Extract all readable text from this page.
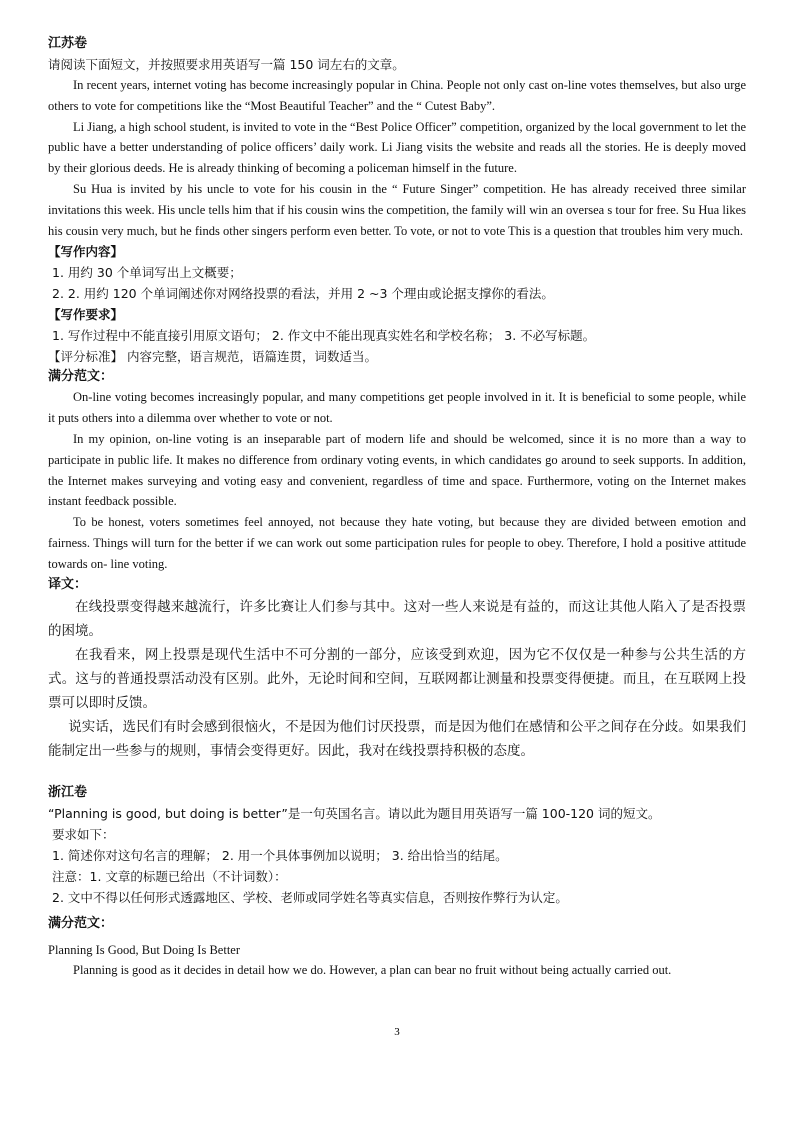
江苏卷

请阅读下面短文，并按照要求用英语写一篇 150 词左右的文章。

In recent years, internet voting has become increasingly popular in China. People not only cast on-line votes themselves, but also urge others to vote for competitions like the “Most Beautiful Teacher” and the “ Cutest Baby”.

Li Jiang, a high school student, is invited to vote in the “Best Police Officer” competition, organized by the local government to let the public have a better understanding of police officers’ daily work. Li Jiang visits the website and reads all the stories. He is deeply moved by their glorious deeds. He is already thinking of becoming a policeman himself in the future.

Su Hua is invited by his uncle to vote for his cousin in the “ Future Singer” competition. He has already received three similar invitations this week. His uncle tells him that if his cousin wins the competition, the family will win an oversea s tour for free. Su Hua likes his cousin very much, but he finds other singers perform even better. To vote, or not to vote This is a question that troubles him very much.

【写作内容】

1. 用约 30 个单词写出上文概要；

2. 2. 用约 120 个单词阐述你对网络投票的看法，并用 2 ~3 个理由或论据支撑你的看法。

【写作要求】

1. 写作过程中不能直接引用原文语句； 2. 作文中不能出现真实姓名和学校名称； 3. 不必写标题。

【评分标准】 内容完整，语言规范，语篇连贯，词数适当。

满分范文：

On-line voting becomes increasingly popular, and many competitions get people involved in it. It is beneficial to some people, while it puts others into a dilemma over whether to vote or not.

In my opinion, on-line voting is an inseparable part of modern life and should be welcomed, since it is no more than a way to participate in public life. It makes no difference from ordinary voting events, in which candidates go around to seek supports. In addition, the Internet makes surveying and voting easy and convenient, regardless of time and space. Furthermore, voting on the Internet makes instant feedback possible.

To be honest, voters sometimes feel annoyed, not because they hate voting, but because they are divided between emotion and fairness. Things will turn for the better if we can work out some participation rules for people to obey. Therefore, I hold a positive attitude towards on- line voting.

译文：

在线投票变得越来越流行，许多比赛让人们参与其中。这对一些人来说是有益的，而这让其他人陷入了是否投票的困境。

在我看来，网上投票是现代生活中不可分割的一部分，应该受到欢迎，因为它不仅仅是一种参与公共生活的方式。这与的普通投票活动没有区别。此外，无论时间和空间，互联网都让测量和投票变得便捷。而且，在互联网上投票可以即时反馈。

说实话，选民们有时会感到很恼火，不是因为他们讨厌投票，而是因为他们在感情和公平之间存在分歧。如果我们能制定出一些参与的规则，事情会变得更好。因此，我对在线投票持积极的态度。

浙江卷

“Planning is good, but doing is better”是一句英国名言。请以此为题目用英语写一篇 100-120 词的短文。

要求如下：

1. 简述你对这句名言的理解； 2. 用一个具体事例加以说明； 3. 给出恰当的结尾。

注意：1. 文章的标题已给出（不计词数）：

2. 文中不得以任何形式透露地区、学校、老师或同学姓名等真实信息，否则按作弊行为认定。

满分范文：

Planning Is Good, But Doing Is Better

Planning is good as it decides in detail how we do. However, a plan can bear no fruit without being actually carried out.

3
